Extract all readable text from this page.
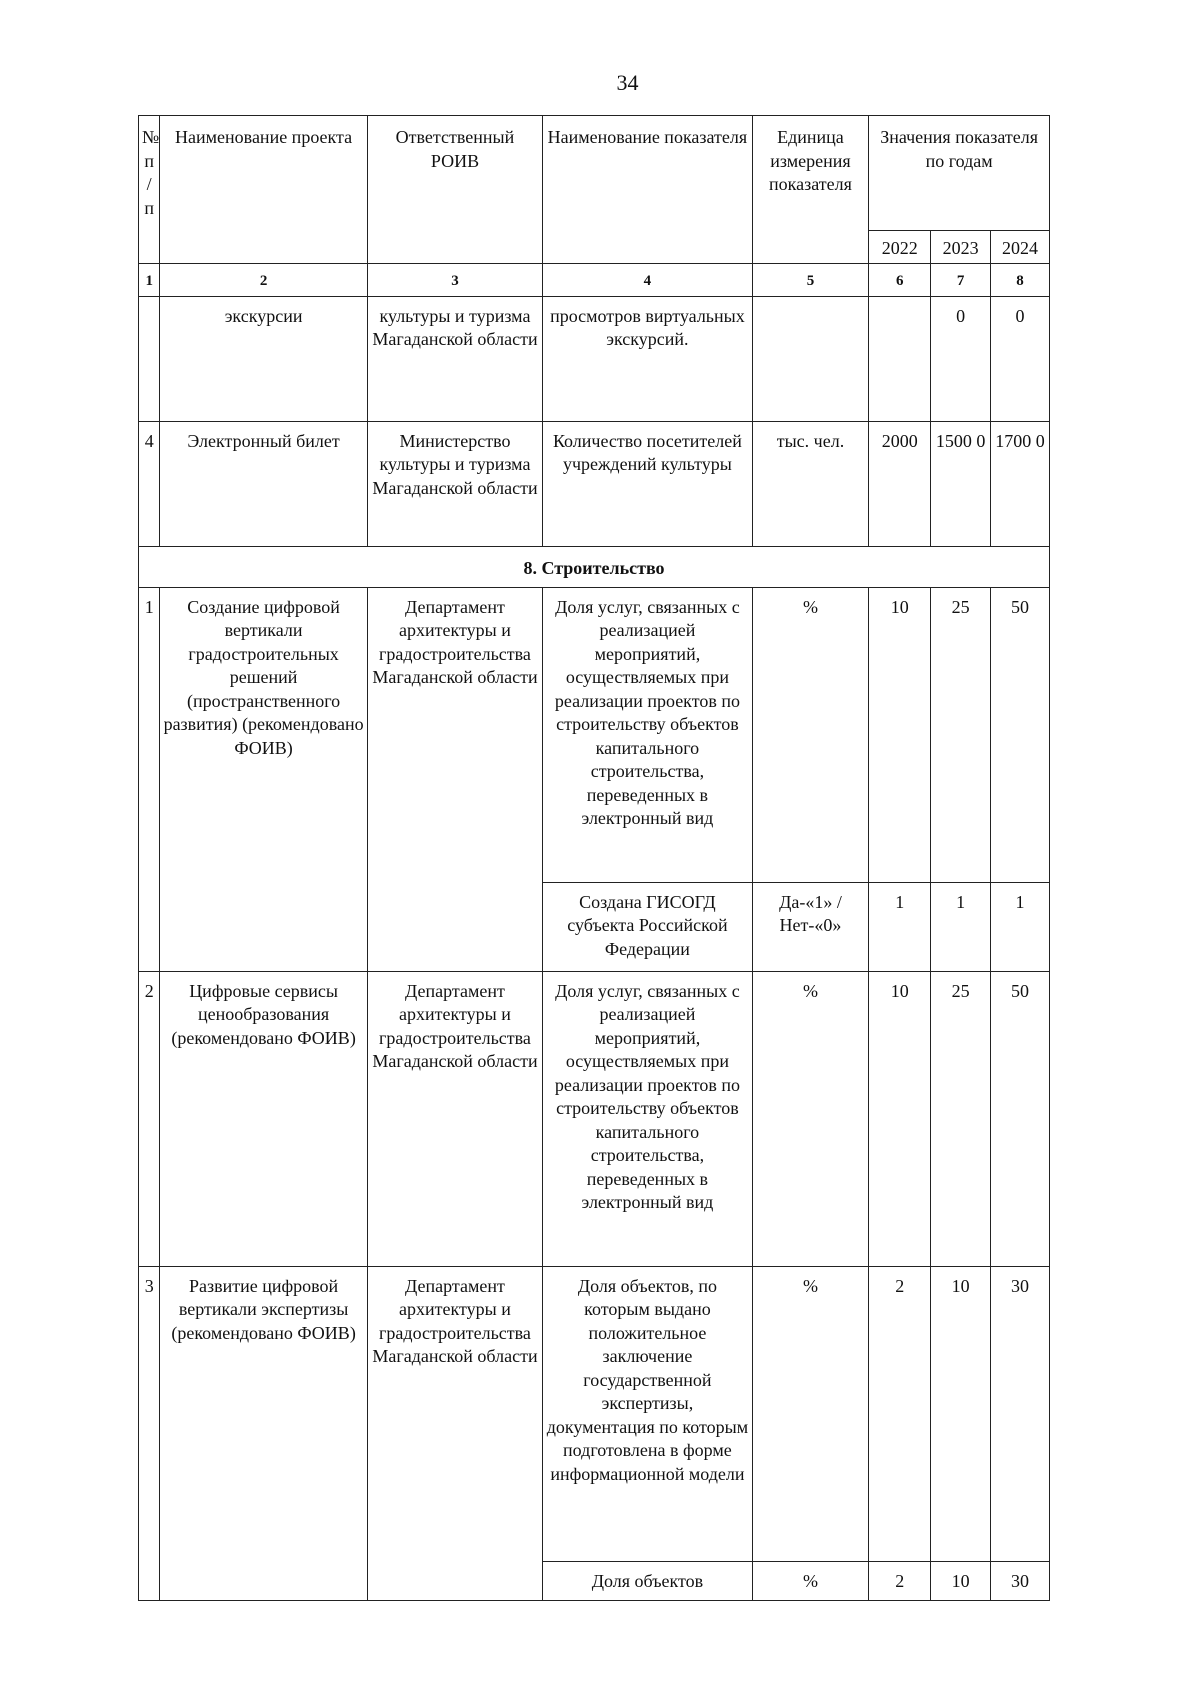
34
№ п / п	Наименование проекта	Ответственный РОИВ	Наименование показателя	Единица измерения показателя	Значения показателя по годам		
					2022	2023	2024
1	2	3	4	5	6	7	8
	экскурсии	культуры и туризма Магаданской области	просмотров виртуальных экскурсий.			0	0
4	Электронный билет	Министерство культуры и туризма Магаданской области	Количество посетителей учреждений культуры	тыс. чел.	2000	1500 0	1700 0
8. Строительство							
1	Создание цифровой вертикали градостроительных решений (пространственного развития) (рекомендовано ФОИВ)	Департамент архитектуры и градостроительства Магаданской области	Доля услуг, связанных с реализацией мероприятий, осуществляемых при реализации проектов по строительству объектов капитального строительства, переведенных в электронный вид	%	10	25	50
			Создана ГИСОГД субъекта Российской Федерации	Да-«1» / Нет-«0»	1	1	1
2	Цифровые сервисы ценообразования (рекомендовано ФОИВ)	Департамент архитектуры и градостроительства Магаданской области	Доля услуг, связанных с реализацией мероприятий, осуществляемых при реализации проектов по строительству объектов капитального строительства, переведенных в электронный вид	%	10	25	50
3	Развитие цифровой вертикали экспертизы (рекомендовано ФОИВ)	Департамент архитектуры и градостроительства Магаданской области	Доля объектов, по которым выдано положительное заключение государственной экспертизы, документация по которым подготовлена в форме информационной модели	%	2	10	30
			Доля объектов	%	2	10	30
